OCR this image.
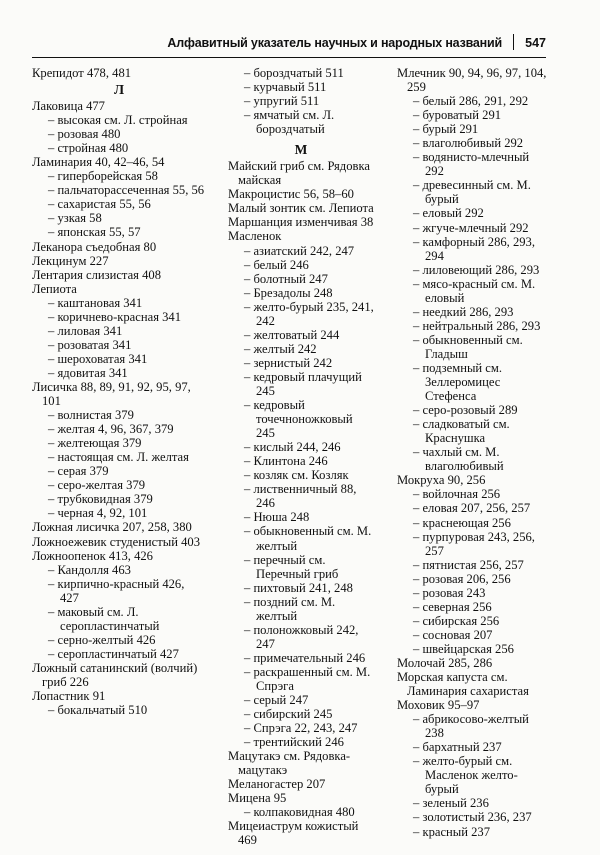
Алфавитный указатель научных и народных названий 547
Крепидот 478, 481
Л
Лаковица 477
– высокая см. Л. стройная
– розовая 480
– стройная 480
Ламинария 40, 42–46, 54
– гиперборейская 58
– пальчаторассеченная 55, 56
– сахаристая 55, 56
– узкая 58
– японская 55, 57
Леканора съедобная 80
Лекцинум 227
Лентария слизистая 408
Лепиота
– каштановая 341
– коричнево-красная 341
– лиловая 341
– розоватая 341
– шероховатая 341
– ядовитая 341
Лисичка 88, 89, 91, 92, 95, 97, 101
– волнистая 379
– желтая 4, 96, 367, 379
– желтеющая 379
– настоящая см. Л. желтая
– серая 379
– серо-желтая 379
– трубковидная 379
– черная 4, 92, 101
Ложная лисичка 207, 258, 380
Ложноежевик студенистый 403
Ложноопенок 413, 426
– Кандолля 463
– кирпично-красный 426, 427
– маковый см. Л. серопластинчатый
– серно-желтый 426
– серопластинчатый 427
Ложный сатанинский (волчий) гриб 226
Лопастник 91
– бокальчатый 510
– бороздчатый 511
– курчавый 511
– упругий 511
– ямчатый см. Л. бороздчатый
М
Майский гриб см. Рядовка майская
Макроцистис 56, 58–60
Малый зонтик см. Лепиота
Маршанция изменчивая 38
Масленок
– азиатский 242, 247
– белый 246
– болотный 247
– Брезадолы 248
– желто-бурый 235, 241, 242
– желтоватый 244
– желтый 242
– зернистый 242
– кедровый плачущий 245
– кедровый точечноножковый 245
– кислый 244, 246
– Клинтона 246
– козляк см. Козляк
– лиственничный 88, 246
– Нюша 248
– обыкновенный см. М. желтый
– перечный см. Перечный гриб
– пихтовый 241, 248
– поздний см. М. желтый
– полоножковый 242, 247
– примечательный 246
– раскрашенный см. М. Спрэга
– серый 247
– сибирский 245
– Спрэга 22, 243, 247
– трентийский 246
Мацутакэ см. Рядовка-мацутакэ
Меланогастер 207
Мицена 95
– колпаковидная 480
Мицеиаструм кожистый 469
Млечник 90, 94, 96, 97, 104, 259
– белый 286, 291, 292
– буроватый 291
– бурый 291
– влаголюбивый 292
– водянисто-млечный 292
– древесинный см. М. бурый
– еловый 292
– жгуче-млечный 292
– камфорный 286, 293, 294
– лиловеющий 286, 293
– мясо-красный см. М. еловый
– неедкий 286, 293
– нейтральный 286, 293
– обыкновенный см. Гладыш
– подземный см. Зеллеромицес Стефенса
– серо-розовый 289
– сладковатый см. Краснушка
– чахлый см. М. влаголюбивый
Мокруха 90, 256
– войлочная 256
– еловая 207, 256, 257
– краснеющая 256
– пурпуровая 243, 256, 257
– пятнистая 256, 257
– розовая 206, 256
– розовая 243
– северная 256
– сибирская 256
– сосновая 207
– швейцарская 256
Молочай 285, 286
Морская капуста см. Ламинария сахаристая
Моховик 95–97
– абрикосово-желтый 238
– бархатный 237
– желто-бурый см. Масленок желто-бурый
– зеленый 236
– золотистый 236, 237
– красный 237
